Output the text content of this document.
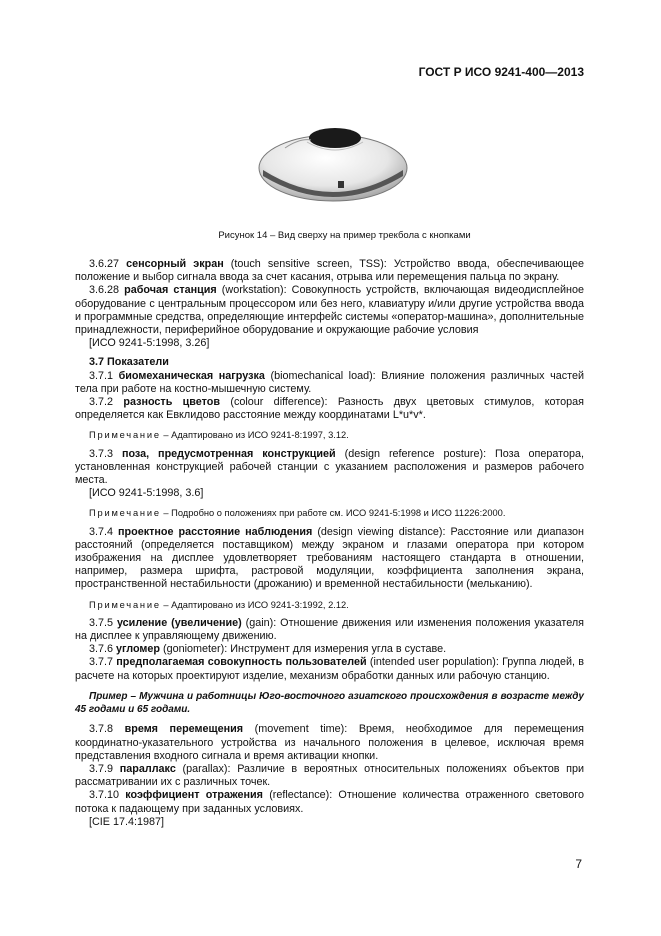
ГОСТ Р ИСО 9241-400—2013
Рисунок 14 – Вид сверху на пример трекбола с кнопками

3.6.27 сенсорный экран (touch sensitive screen, TSS): Устройство ввода, обеспечивающее положение и выбор сигнала ввода за счет касания, отрыва или перемещения пальца по экрану.

3.6.28 рабочая станция (workstation): Совокупность устройств, включающая видеодисплейное оборудование с центральным процессором или без него, клавиатуру и/или другие устройства ввода и программные средства, определяющие интерфейс системы «оператор-машина», дополнительные принадлежности, периферийное оборудование и окружающие рабочие условия

[ИСО 9241-5:1998, 3.26]

3.7 Показатели

3.7.1 биомеханическая нагрузка (biomechanical load): Влияние положения различных частей тела при работе на костно-мышечную систему.

3.7.2 разность цветов (colour difference): Разность двух цветовых стимулов, которая определяется как Евклидово расстояние между координатами L*u*v*.

Примечание – Адаптировано из ИСО 9241-8:1997, 3.12.

3.7.3 поза, предусмотренная конструкцией (design reference posture): Поза оператора, установленная конструкцией рабочей станции с указанием расположения и размеров рабочего места.

[ИСО 9241-5:1998, 3.6]

Примечание – Подробно о положениях при работе см. ИСО 9241-5:1998 и ИСО 11226:2000.

3.7.4 проектное расстояние наблюдения (design viewing distance): Расстояние или диапазон расстояний (определяется поставщиком) между экраном и глазами оператора при котором изображения на дисплее удовлетворяет требованиям настоящего стандарта в отношении, например, размера шрифта, растровой модуляции, коэффициента заполнения экрана, пространственной нестабильности (дрожанию) и временной нестабильности (мельканию).

Примечание – Адаптировано из ИСО 9241-3:1992, 2.12.

3.7.5 усиление (увеличение) (gain): Отношение движения или изменения положения указателя на дисплее к управляющему движению.

3.7.6 угломер (goniometer): Инструмент для измерения угла в суставе.

3.7.7 предполагаемая совокупность пользователей (intended user population): Группа людей, в расчете на которых проектируют изделие, механизм обработки данных или рабочую станцию.

Пример – Мужчина и работницы Юго-восточного азиатского происхождения в возрасте между 45 годами и 65 годами.

3.7.8 время перемещения (movement time): Время, необходимое для перемещения координатно-указательного устройства из начального положения в целевое, исключая время представления входного сигнала и время активации кнопки.

3.7.9 параллакс (parallax): Различие в вероятных относительных положениях объектов при рассматривании их с различных точек.

3.7.10 коэффициент отражения (reflectance): Отношение количества отраженного светового потока к падающему при заданных условиях.

[CIE 17.4:1987]

7
